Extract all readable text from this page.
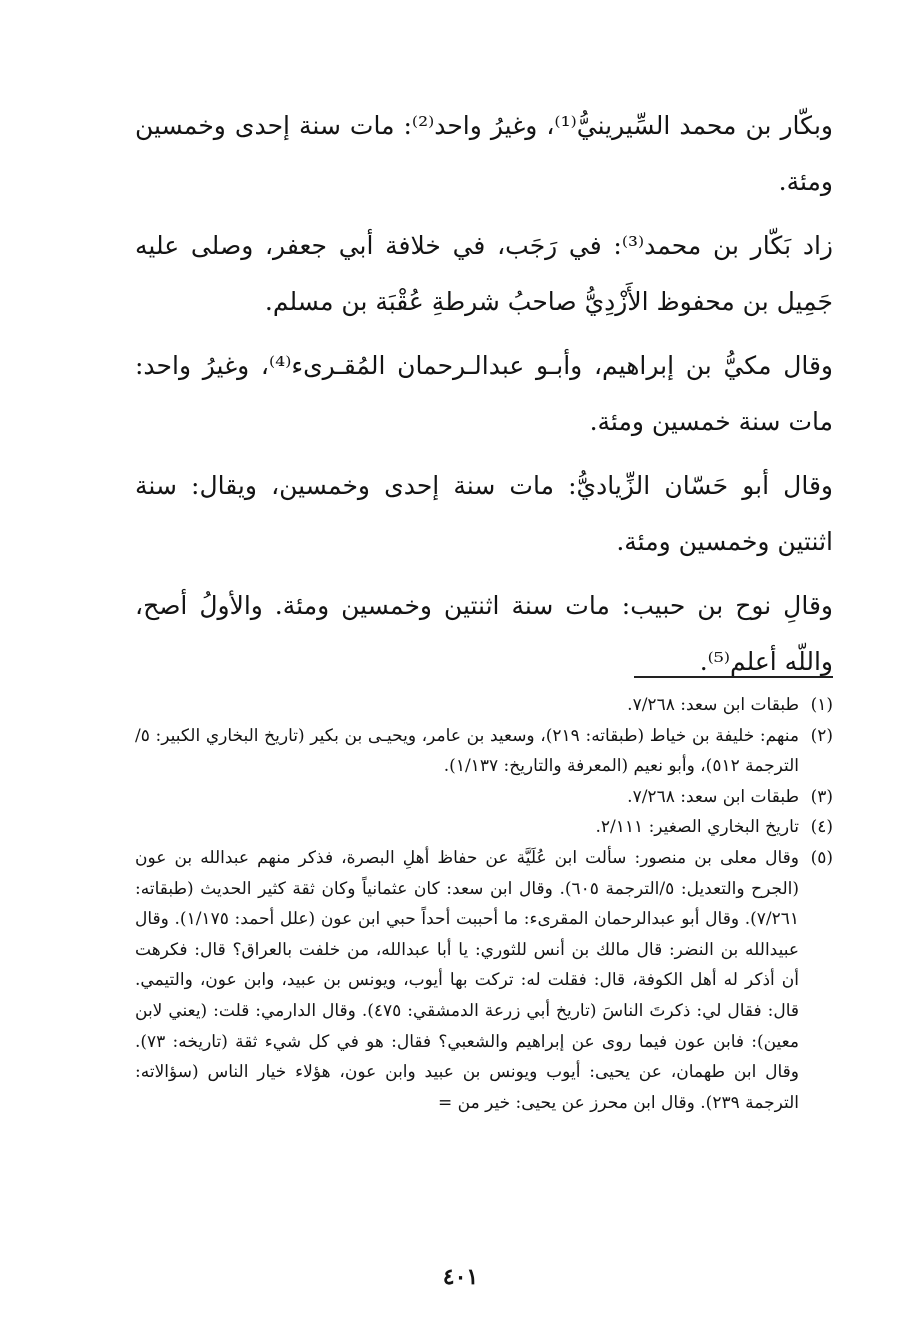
وبكّار بن محمد السِّيرينيُّ⁽¹⁾، وغيرُ واحد⁽²⁾: مات سنة إحدى وخمسين ومئة.

زاد بَكّار بن محمد⁽³⁾: في رَجَب، في خلافة أبي جعفر، وصلى عليه جَمِيل بن محفوظ الأَزْدِيُّ صاحبُ شرطةِ عُقْبَة بن مسلم.

وقال مكيُّ بن إبراهيم، وأبـو عبدالـرحمان المُقـرىء⁽⁴⁾، وغيرُ واحد: مات سنة خمسين ومئة.

وقال أبو حَسّان الزِّياديُّ: مات سنة إحدى وخمسين، ويقال: سنة اثنتين وخمسين ومئة.

وقالِ نوح بن حبيب: مات سنة اثنتين وخمسين ومئة. والأولُ أصح، واللّه أعلم⁽⁵⁾.

(١)
طبقات ابن سعد: ٧/٢٦٨.
(٢)
منهم: خليفة بن خياط (طبقاته: ٢١٩)، وسعيد بن عامر، ويحيـى بن بكير (تاريخ البخاري الكبير: ٥/الترجمة ٥١٢)، وأبو نعيم (المعرفة والتاريخ: ١/١٣٧).
(٣)
طبقات ابن سعد: ٧/٢٦٨.
(٤)
تاريخ البخاري الصغير: ٢/١١١.
(٥)
وقال معلى بن منصور: سألت ابن عُلَيَّة عن حفاظ أهلِ البصرة، فذكر منهم عبدالله بن عون (الجرح والتعديل: ٥/الترجمة ٦٠٥). وقال ابن سعد: كان عثمانياً وكان ثقة كثير الحديث (طبقاته: ٧/٢٦١). وقال أبو عبدالرحمان المقرىء: ما أحببت أحداً حبي ابن عون (علل أحمد: ١/١٧٥). وقال عبيدالله بن النضر: قال مالك بن أنس للثوري: يا أبا عبدالله، من خلفت بالعراق؟ قال: فكرهت أن أذكر له أهل الكوفة، قال: فقلت له: تركت بها أيوب، ويونس بن عبيد، وابن عون، والتيمي. قال: فقال لي: ذكرتَ الناسَ (تاريخ أبي زرعة الدمشقي: ٤٧٥). وقال الدارمي: قلت: (يعني لابن معين): فابن عون فيما روى عن إبراهيم والشعبي؟ فقال: هو في كل شيء ثقة (تاريخه: ٧٣). وقال ابن طهمان، عن يحيى: أيوب ويونس بن عبيد وابن عون، هؤلاء خيار الناس (سؤالاته: الترجمة ٢٣٩). وقال ابن محرز عن يحيى: خير من =
٤٠١
